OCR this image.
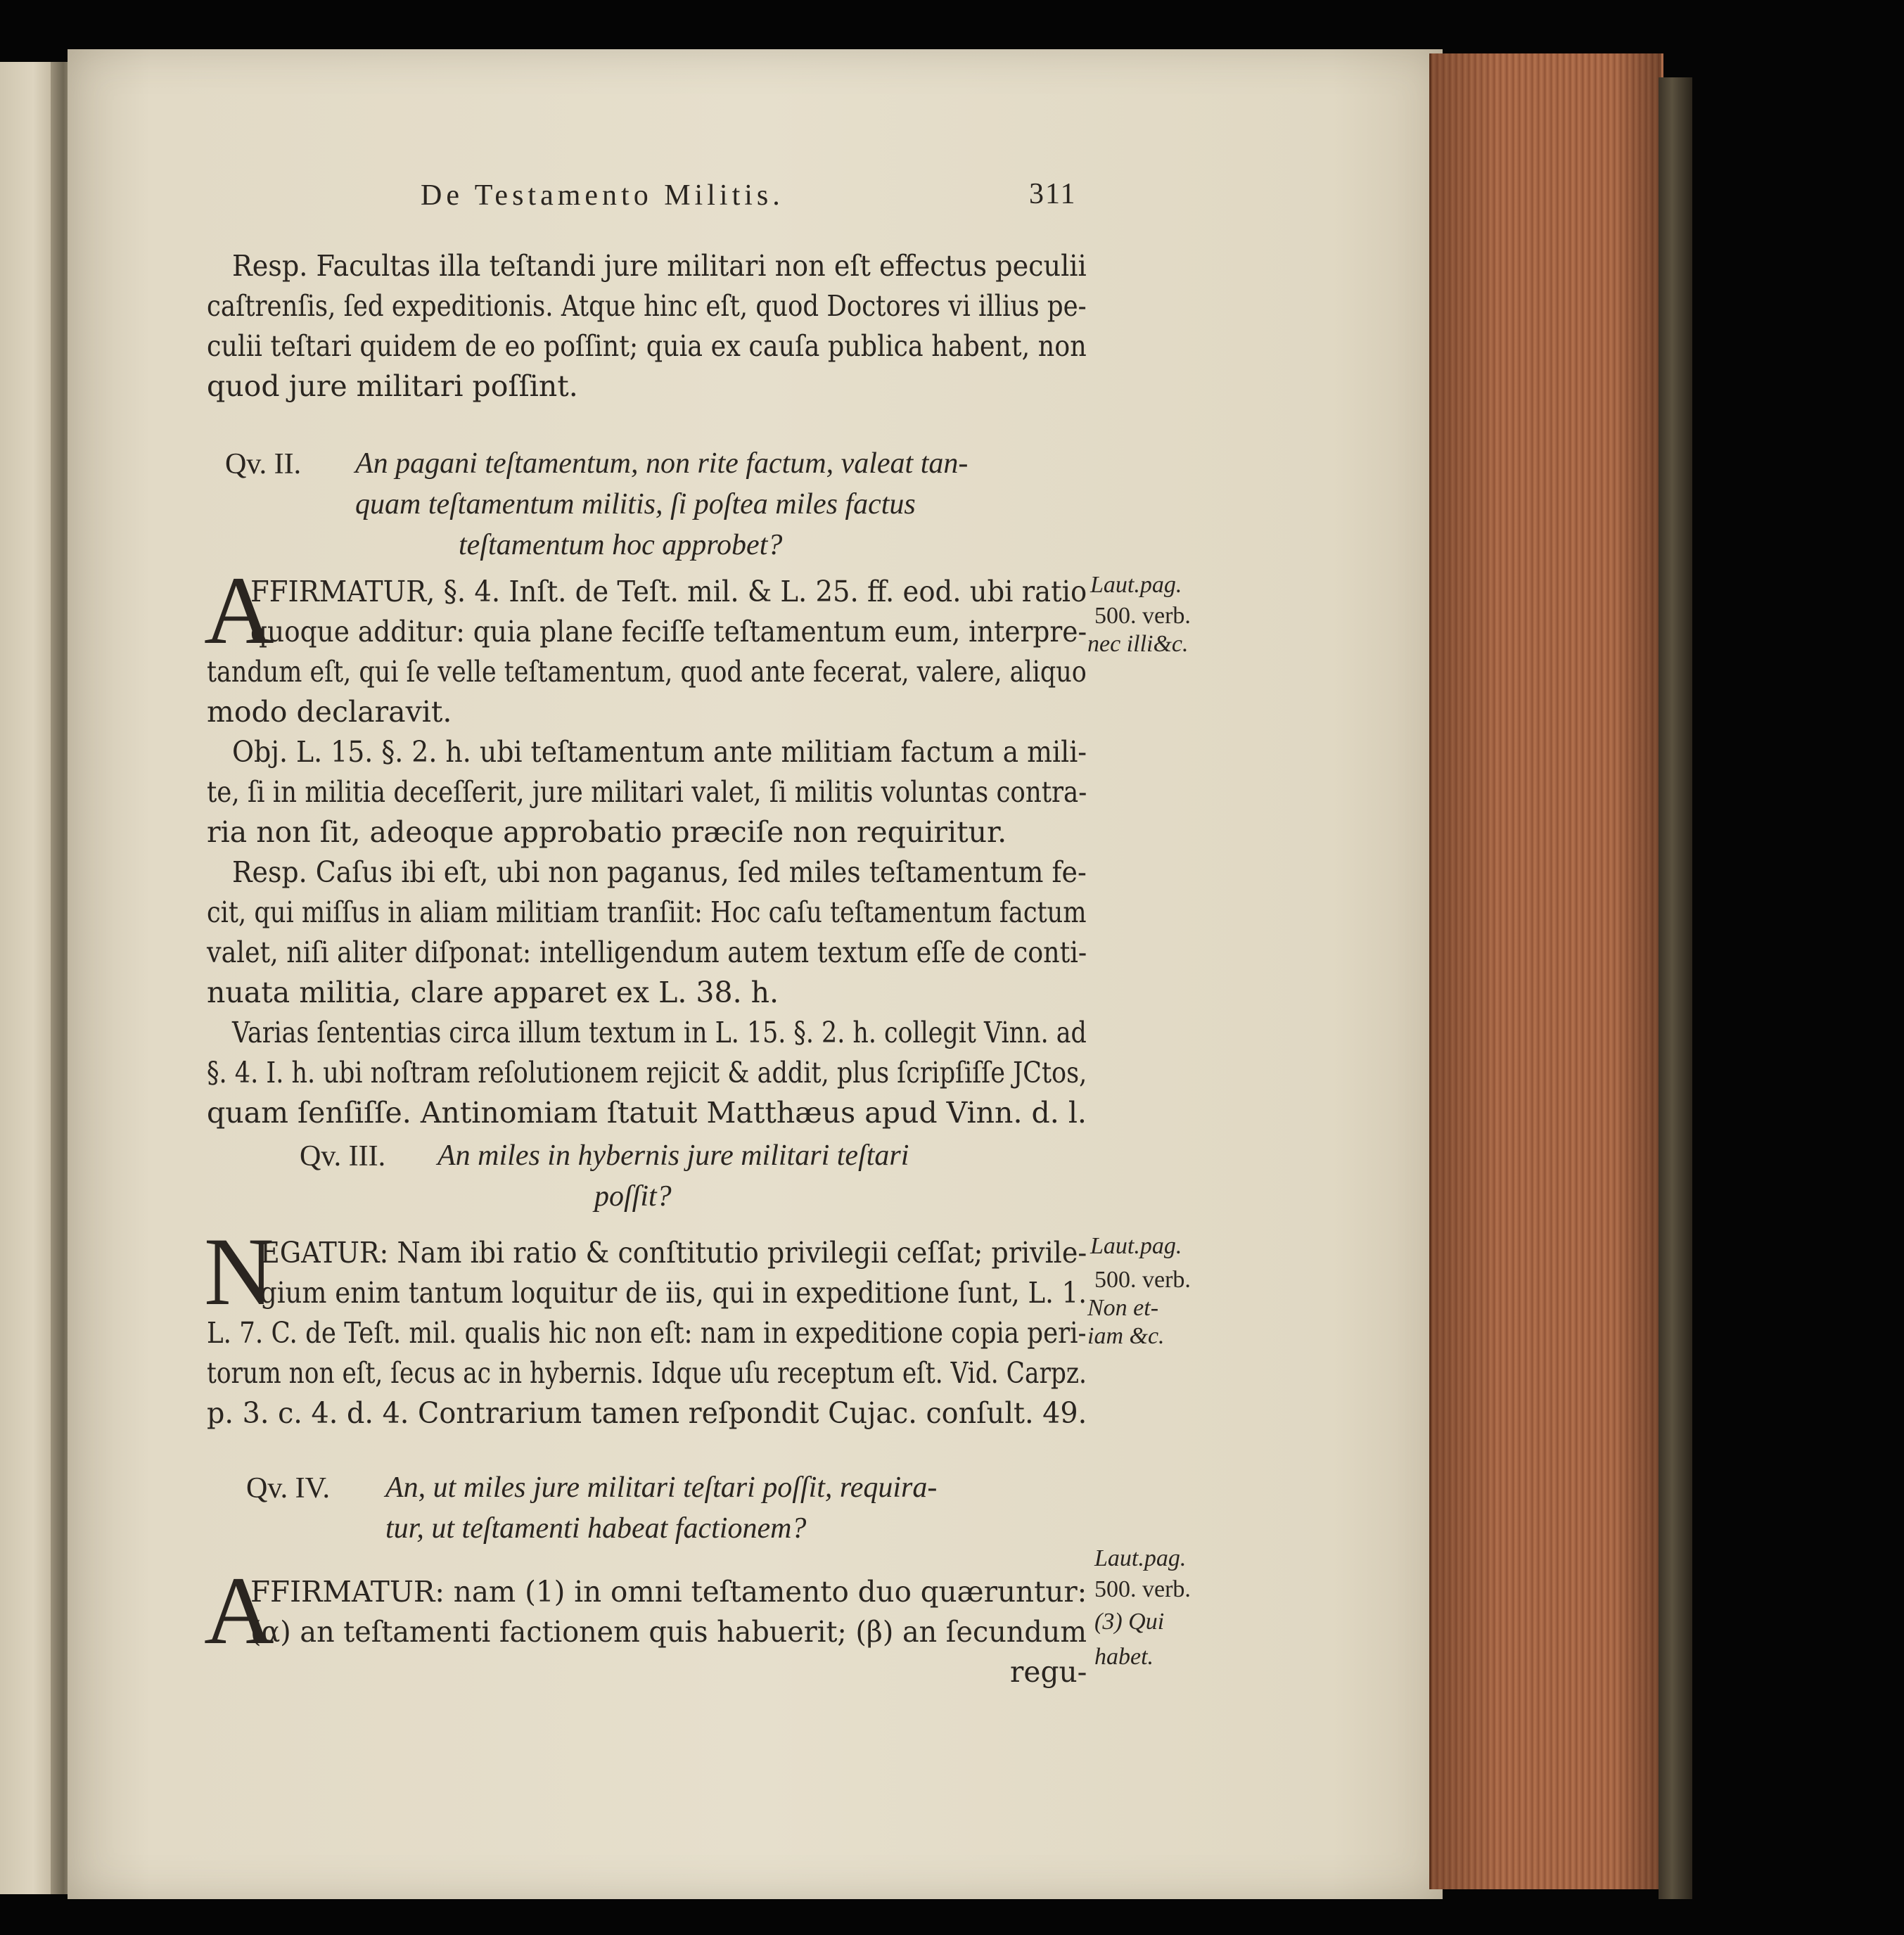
De Testamento Militis.	311
Resp. Facultas illa teſtandi jure militari non eſt effectus peculii
caſtrenſis, ſed expeditionis. Atque hinc eſt, quod Doctores vi illius pe-
culii teſtari quidem de eo poſſint; quia ex cauſa publica habent, non
quod jure militari poſſint.
Qv. II. An pagani teſtamentum, non rite factum, valeat tan-
quam teſtamentum militis, ſi poſtea miles factus
teſtamentum hoc approbet?
A
FFIRMATUR, §. 4. Inſt. de Teſt. mil. & L. 25. ff. eod. ubi ratio
quoque additur: quia plane feciſſe teſtamentum eum, interpre-
tandum eſt, qui ſe velle teſtamentum, quod ante fecerat, valere, aliquo
modo declaravit.
Laut.pag.
500. verb.
nec illi&c.
Obj. L. 15. §. 2. h. ubi teſtamentum ante militiam factum a mili-
te, ſi in militia deceſſerit, jure militari valet, ſi militis voluntas contra-
ria non ſit, adeoque approbatio præciſe non requiritur.
Resp. Caſus ibi eſt, ubi non paganus, ſed miles teſtamentum fe-
cit, qui miſſus in aliam militiam tranſiit: Hoc caſu teſtamentum factum
valet, niſi aliter diſponat: intelligendum autem textum eſſe de conti-
nuata militia, clare apparet ex L. 38. h.
Varias ſententias circa illum textum in L. 15. §. 2. h. collegit Vinn. ad
§. 4. I. h. ubi noſtram reſolutionem rejicit & addit, plus ſcripſiſſe JCtos,
quam ſenſiſſe. Antinomiam ſtatuit Matthæus apud Vinn. d. l.
Qv. III. An miles in hybernis jure militari teſtari
poſſit?
N
EGATUR: Nam ibi ratio & conſtitutio privilegii ceſſat; privile-
gium enim tantum loquitur de iis, qui in expeditione ſunt, L. 1.
L. 7. C. de Teſt. mil. qualis hic non eſt: nam in expeditione copia peri-
torum non eſt, ſecus ac in hybernis. Idque uſu receptum eſt. Vid. Carpz.
p. 3. c. 4. d. 4. Contrarium tamen reſpondit Cujac. conſult. 49.
Laut.pag.
500. verb.
Non et-
iam &c.
Qv. IV. An, ut miles jure militari teſtari poſſit, requira-
tur, ut teſtamenti habeat factionem?
A
FFIRMATUR: nam (1) in omni teſtamento duo quæruntur:
(α) an teſtamenti factionem quis habuerit; (β) an ſecundum
regu-
Laut.pag.
500. verb.
(3) Qui
habet.
